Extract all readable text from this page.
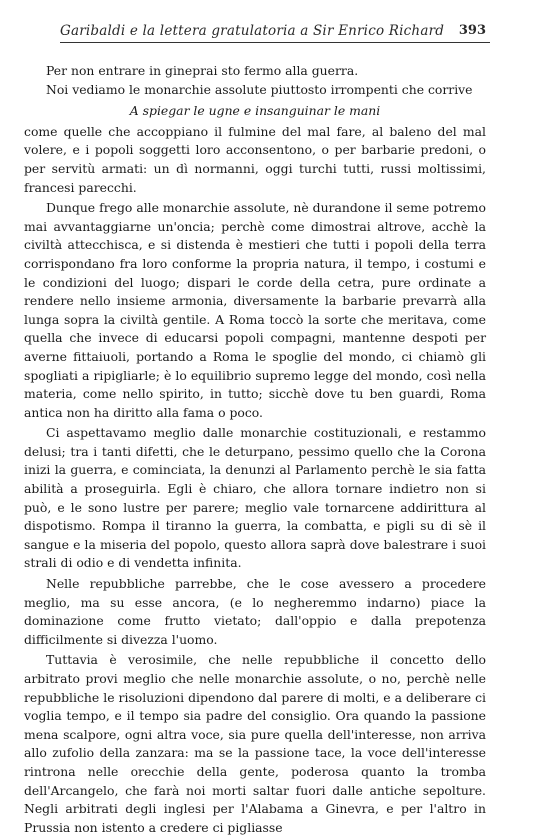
Garibaldi e la lettera gratulatoria a Sir Enrico Richard 393

Per non entrare in gineprai sto fermo alla guerra.

Noi vediamo le monarchie assolute piuttosto irrompenti che corrive

A spiegar le ugne e insanguinar le mani

come quelle che accoppiano il fulmine del mal fare, al baleno del mal volere, e i popoli soggetti loro acconsentono, o per barbarie predoni, o per servitù armati: un dì normanni, oggi turchi tutti, russi moltissimi, francesi parecchi.

Dunque frego alle monarchie assolute, nè durandone il seme potremo mai avvantaggiarne un'oncia; perchè come dimostrai altrove, acchè la civiltà attecchisca, e si distenda è mestieri che tutti i popoli della terra corrispondano fra loro conforme la propria natura, il tempo, i costumi e le condizioni del luogo; dispari le corde della cetra, pure ordinate a rendere nello insieme armonia, diversamente la barbarie prevarrà alla lunga sopra la civiltà gentile. A Roma toccò la sorte che meritava, come quella che invece di educarsi popoli compagni, mantenne despoti per averne fittaiuoli, portando a Roma le spoglie del mondo, ci chiamò gli spogliati a ripigliarle; è lo equilibrio supremo legge del mondo, così nella materia, come nello spirito, in tutto; sicchè dove tu ben guardi, Roma antica non ha diritto alla fama o poco.

Ci aspettavamo meglio dalle monarchie costituzionali, e restammo delusi; tra i tanti difetti, che le deturpano, pessimo quello che la Corona inizi la guerra, e cominciata, la denunzi al Parlamento perchè le sia fatta abilità a proseguirla. Egli è chiaro, che allora tornare indietro non si può, e le sono lustre per parere; meglio vale tornarcene addirittura al dispotismo. Rompa il tiranno la guerra, la combatta, e pigli su di sè il sangue e la miseria del popolo, questo allora saprà dove balestrare i suoi strali di odio e di vendetta infinita.

Nelle repubbliche parrebbe, che le cose avessero a procedere meglio, ma su esse ancora, (e lo negheremmo indarno) piace la dominazione come frutto vietato; dall'oppio e dalla prepotenza difficilmente si divezza l'uomo.

Tuttavia è verosimile, che nelle repubbliche il concetto dello arbitrato provi meglio che nelle monarchie assolute, o no, perchè nelle repubbliche le risoluzioni dipendono dal parere di molti, e a deliberare ci voglia tempo, e il tempo sia padre del consiglio. Ora quando la passione mena scalpore, ogni altra voce, sia pure quella dell'interesse, non arriva allo zufolio della zanzara: ma se la passione tace, la voce dell'interesse rintrona nelle orecchie della gente, poderosa quanto la tromba dell'Arcangelo, che farà noi morti saltar fuori dalle antiche sepolture. Negli arbitrati degli inglesi per l'Alabama a Ginevra, e per l'altro in Prussia non istento a credere ci pigliasse
